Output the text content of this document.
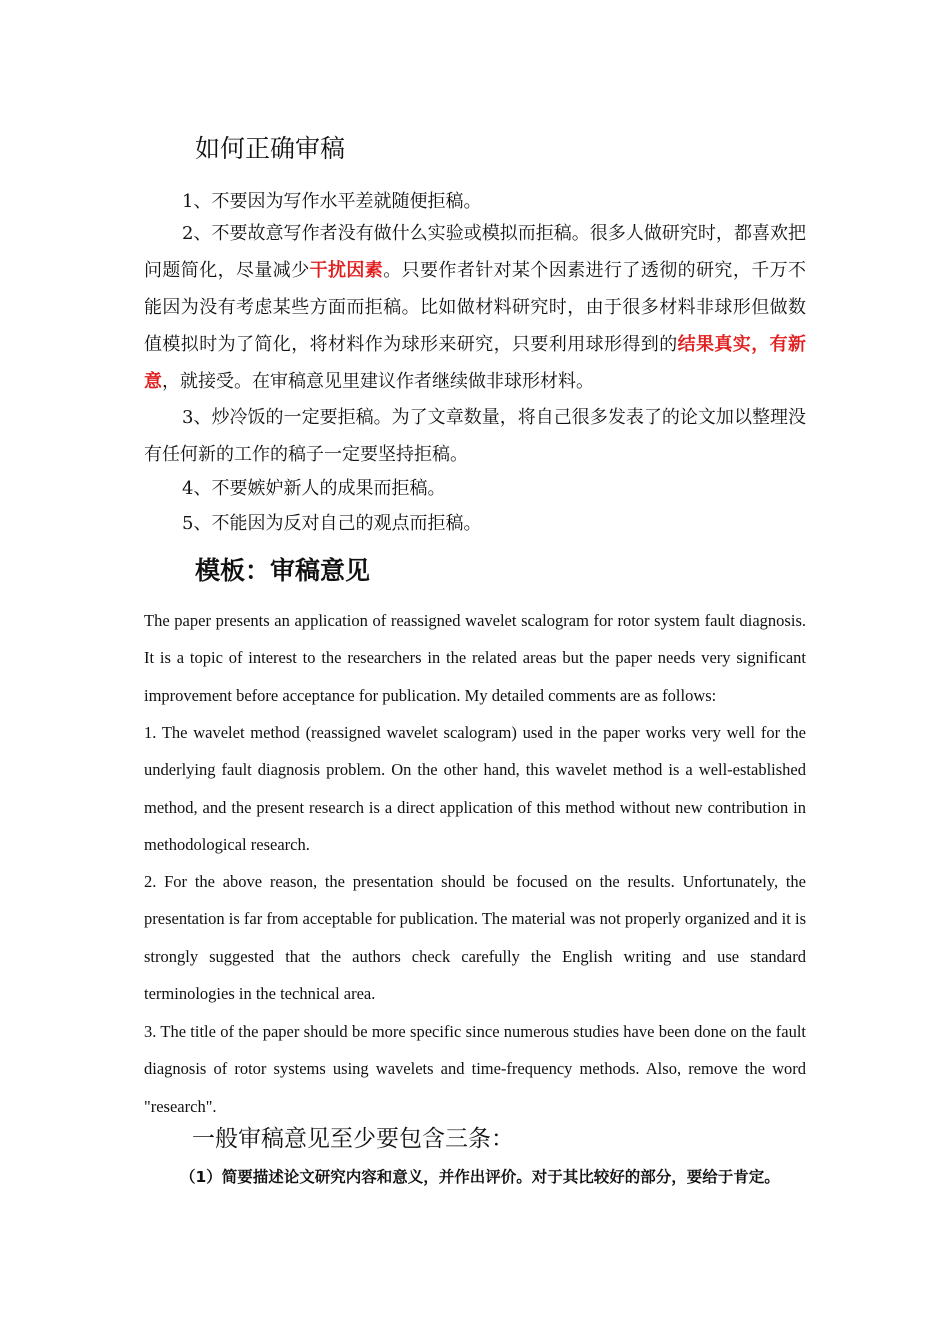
如何正确审稿

1、不要因为写作水平差就随便拒稿。

2、不要故意写作者没有做什么实验或模拟而拒稿。很多人做研究时，都喜欢把问题简化，尽量减少干扰因素。只要作者针对某个因素进行了透彻的研究，千万不能因为没有考虑某些方面而拒稿。比如做材料研究时，由于很多材料非球形但做数值模拟时为了简化，将材料作为球形来研究，只要利用球形得到的结果真实，有新意，就接受。在审稿意见里建议作者继续做非球形材料。

3、炒冷饭的一定要拒稿。为了文章数量，将自己很多发表了的论文加以整理没有任何新的工作的稿子一定要坚持拒稿。

4、不要嫉妒新人的成果而拒稿。

5、不能因为反对自己的观点而拒稿。

模板：审稿意见

The paper presents an application of reassigned wavelet scalogram for rotor system fault diagnosis. It is a topic of interest to the researchers in the related areas but the paper needs very significant improvement before acceptance for publication. My detailed comments are as follows:

1. The wavelet method (reassigned wavelet scalogram) used in the paper works very well for the underlying fault diagnosis problem. On the other hand, this wavelet method is a well-established method, and the present research is a direct application of this method without new contribution in methodological research.

2. For the above reason, the presentation should be focused on the results. Unfortunately, the presentation is far from acceptable for publication. The material was not properly organized and it is strongly suggested that the authors check carefully the English writing and use standard terminologies in the technical area.

3. The title of the paper should be more specific since numerous studies have been done on the fault diagnosis of rotor systems using wavelets and time-frequency methods. Also, remove the word "research".

一般审稿意见至少要包含三条：

（1）简要描述论文研究内容和意义，并作出评价。对于其比较好的部分，要给于肯定。
